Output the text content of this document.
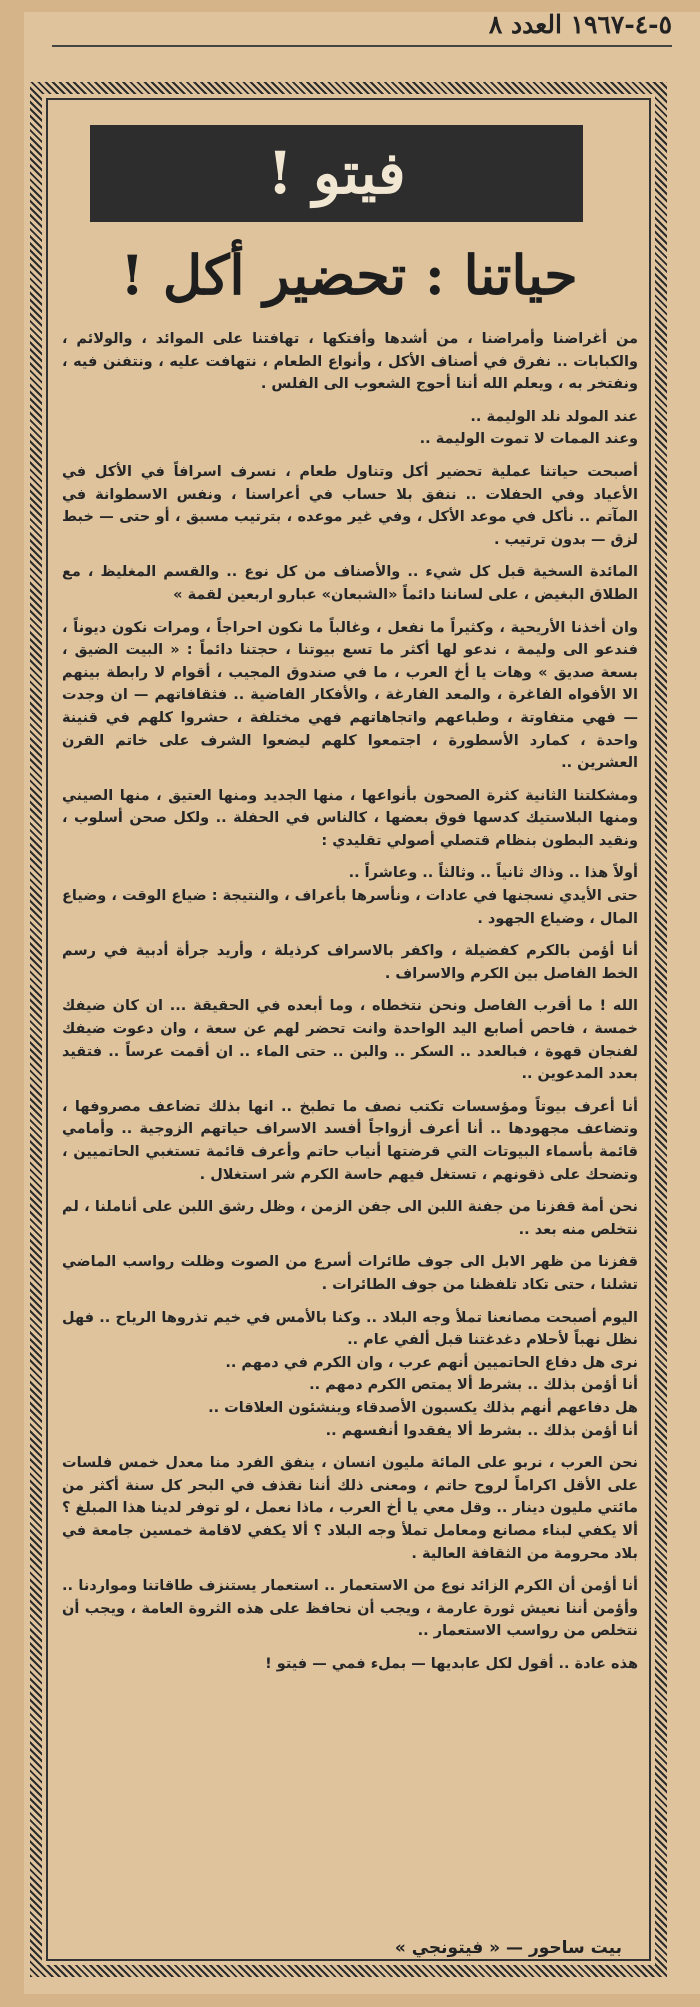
٥-٤-١٩٦٧ العدد ٨
فيتو !
حياتنا : تحضير أكل !

من أغراضنا وأمراضنا ، من أشدها وأفتكها ، تهافتنا على الموائد ، والولائم ، والكبابات .. نفرق في أصناف الأكل ، وأنواع الطعام ، نتهافت عليه ، ونتفنن فيه ، ونفتخر به ، ويعلم الله أننا أحوج الشعوب الى الفلس .

عند المولد نلد الوليمة ..

وعند الممات لا تموت الوليمة ..

أصبحت حياتنا عملية تحضير أكل وتناول طعام ، نسرف اسرافاً في الأكل في الأعياد وفي الحفلات .. ننفق بلا حساب في أعراسنا ، ونفس الاسطوانة في المآتم .. نأكل في موعد الأكل ، وفي غير موعده ، بترتيب مسبق ، أو حتى — خبط لزق — بدون ترتيب .

المائدة السخية قبل كل شيء .. والأصناف من كل نوع .. والقسم المغليظ ، مع الطلاق البغيض ، على لساننا دائماً «الشبعان» عبارو اربعين لقمة »

وان أخذنا الأريحية ، وكثيراً ما نفعل ، وغالباً ما نكون احراجاً ، ومرات نكون ديوناً ، فندعو الى وليمة ، ندعو لها أكثر ما تسع بيوتنا ، حجتنا دائماً : « البيت الضيق ، بسعة صديق » وهات يا أخ العرب ، ما في صندوق المجيب ، أقوام لا رابطة بينهم الا الأفواه الفاغرة ، والمعد الفارغة ، والأفكار الفاضية .. فثقافاتهم — ان وجدت — فهي متفاوتة ، وطباعهم واتجاهاتهم فهي مختلفة ، حشروا كلهم في قنينة واحدة ، كمارد الأسطورة ، اجتمعوا كلهم ليضعوا الشرف على خاتم القرن العشرين ..

ومشكلتنا الثانية كثرة الصحون بأنواعها ، منها الجديد ومنها العتيق ، منها الصيني ومنها البلاستيك كدسها فوق بعضها ، كالناس في الحفلة .. ولكل صحن أسلوب ، ونقيد البطون بنظام قتصلي أصولي تقليدي :

أولاً هذا .. وذاك ثانياً .. وثالثاً .. وعاشراً ..

حتى الأيدي نسجنها في عادات ، ونأسرها بأعراف ، والنتيجة : ضياع الوقت ، وضياع المال ، وضياع الجهود .

أنا أؤمن بالكرم كفضيلة ، واكفر بالاسراف كرذيلة ، وأريد جرأة أدبية في رسم الخط الفاصل بين الكرم والاسراف .

الله ! ما أقرب الفاصل ونحن نتخطاه ، وما أبعده في الحقيقة ... ان كان ضيفك خمسة ، فاحص أصابع اليد الواحدة وانت تحضر لهم عن سعة ، وان دعوت ضيفك لفنجان قهوة ، فبالعدد .. السكر .. والبن .. حتى الماء .. ان أقمت عرساً .. فتقيد بعدد المدعوين ..

أنا أعرف بيوتاً ومؤسسات تكتب نصف ما تطبخ .. انها بذلك تضاعف مصروفها ، وتضاعف مجهودها .. أنا أعرف أزواجاً أفسد الاسراف حياتهم الزوجية .. وأمامي قائمة بأسماء البيوتات التي قرضتها أنياب حاتم وأعرف قائمة تستغبي الحاتميين ، وتضحك على ذقونهم ، تستغل فيهم حاسة الكرم شر استغلال .

نحن أمة قفزنا من جفنة اللبن الى جفن الزمن ، وظل رشق اللبن على أناملنا ، لم نتخلص منه بعد ..

قفزنا من ظهر الابل الى جوف طائرات أسرع من الصوت وظلت رواسب الماضي تشلنا ، حتى تكاد تلفظنا من جوف الطائرات .

اليوم أصبحت مصانعنا تملأ وجه البلاد .. وكنا بالأمس في خيم تذروها الرياح .. فهل نظل نهباً لأحلام دغدغتنا قبل ألفي عام ..

نرى هل دفاع الحاتميين أنهم عرب ، وان الكرم في دمهم ..

أنا أؤمن بذلك .. بشرط ألا يمتص الكرم دمهم ..

هل دفاعهم أنهم بذلك يكسبون الأصدقاء وينشئون العلاقات ..

أنا أؤمن بذلك .. بشرط ألا يفقدوا أنفسهم ..

نحن العرب ، نربو على المائة مليون انسان ، ينفق الفرد منا معدل خمس فلسات على الأقل اكراماً لروح حاتم ، ومعنى ذلك أننا نقذف في البحر كل سنة أكثر من مائتي مليون دينار .. وقل معي يا أخ العرب ، ماذا نعمل ، لو توفر لدينا هذا المبلغ ؟ ألا يكفي لبناء مصانع ومعامل تملأ وجه البلاد ؟ ألا يكفي لاقامة خمسين جامعة في بلاد محرومة من الثقافة العالية .

أنا أؤمن أن الكرم الزائد نوع من الاستعمار .. استعمار يستنزف طاقاتنا ومواردنا .. وأؤمن أننا نعيش ثورة عارمة ، ويجب أن نحافظ على هذه الثروة العامة ، ويجب أن نتخلص من رواسب الاستعمار ..

هذه عادة .. أقول لكل عابديها — بملء فمي — فيتو !

بيت ساحور — « فيتونجي »
